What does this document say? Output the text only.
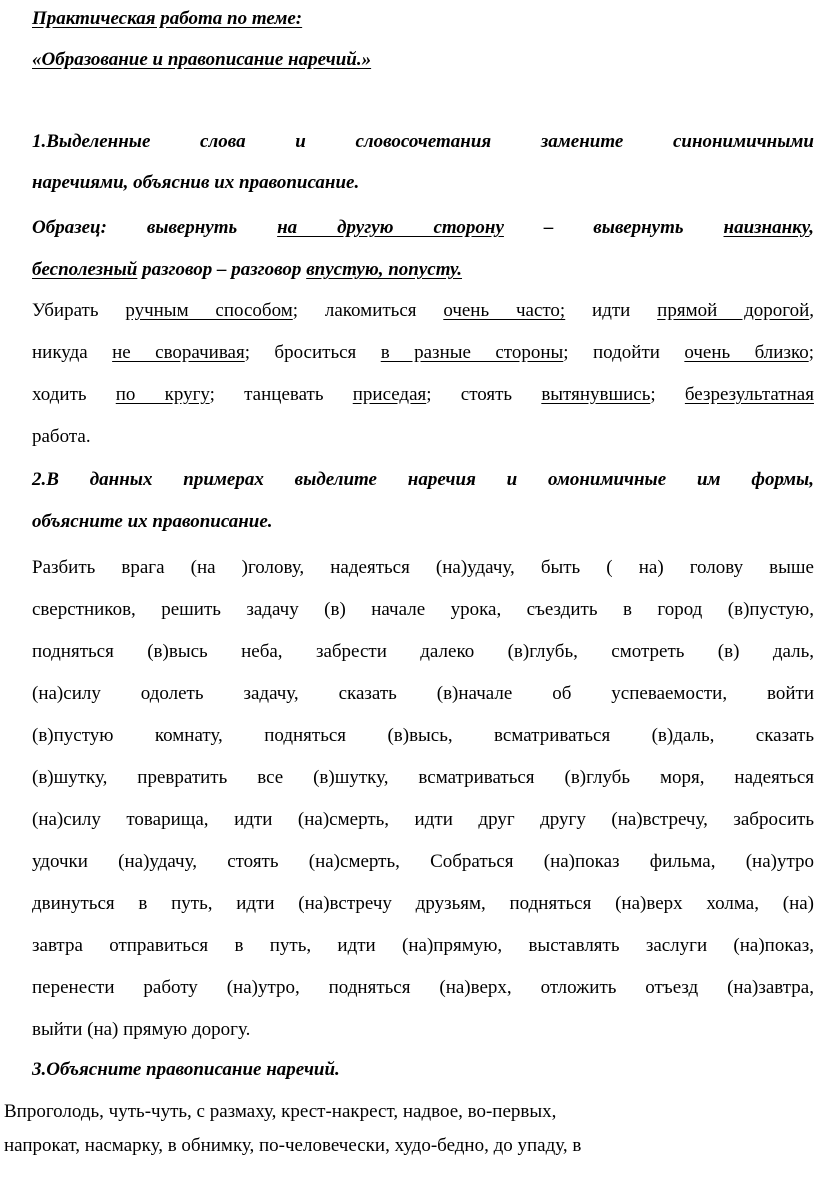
Практическая работа по теме:
«Образование и правописание наречий.»
1.Выделенные слова и словосочетания замените синонимичными
наречиями, объяснив их правописание.
Образец: вывернуть на другую сторону – вывернуть наизнанку,
бесполезный разговор – разговор впустую, попусту.
Убирать ручным способом; лакомиться очень часто; идти прямой дорогой,
никуда не сворачивая; броситься в разные стороны; подойти очень близко;
ходить по кругу; танцевать приседая; стоять вытянувшись; безрезультатная
работа.
2.В данных примерах выделите наречия и омонимичные им формы,
объясните их правописание.
Разбить врага (на )голову, надеяться (на)удачу, быть ( на) голову выше
сверстников, решить задачу (в) начале урока, съездить в город (в)пустую,
подняться (в)высь неба, забрести далеко (в)глубь, смотреть (в) даль,
(на)силу одолеть задачу, сказать (в)начале об успеваемости, войти
(в)пустую комнату, подняться (в)высь, всматриваться (в)даль, сказать
(в)шутку, превратить все (в)шутку, всматриваться (в)глубь моря, надеяться
(на)силу товарища, идти (на)смерть, идти друг другу (на)встречу, забросить
удочки (на)удачу, стоять (на)смерть, Собраться (на)показ фильма, (на)утро
двинуться в путь, идти (на)встречу друзьям, подняться (на)верх холма, (на)
завтра отправиться в путь, идти (на)прямую, выставлять заслуги (на)показ,
перенести работу (на)утро, подняться (на)верх, отложить отъезд (на)завтра,
выйти (на) прямую дорогу.
3.Объясните правописание наречий.
Впроголодь, чуть-чуть, с размаху, крест-накрест, надвое, во-первых,
напрокат, насмарку, в обнимку, по-человечески, худо-бедно, до упаду, в
